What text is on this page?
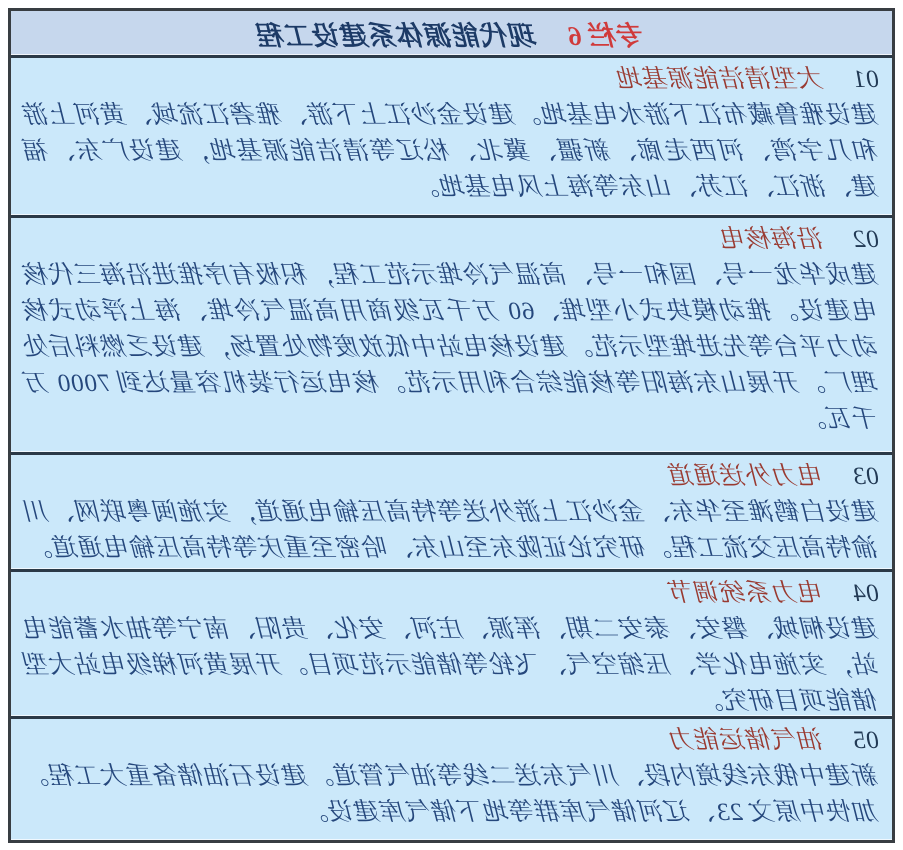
专栏 6
现代能源体系建设工程
01 大型清洁能源基地
建设雅鲁藏布江下游水电基地。建设金沙江上下游、雅砻江流域、黄河上游和几字湾、河西走廊、新疆、冀北、松辽等清洁能源基地，建设广东、福建、浙江、江苏、山东等海上风电基地。
02 沿海核电
建成华龙一号、国和一号、高温气冷堆示范工程，积极有序推进沿海三代核电建设。推动模块式小型堆、60 万千瓦级商用高温气冷堆、海上浮动式核动力平台等先进堆型示范。建设核电站中低放废物处置场，建设乏燃料后处理厂。开展山东海阳等核能综合利用示范。核电运行装机容量达到 7000 万千瓦。
03 电力外送通道
建设白鹤滩至华东、金沙江上游外送等特高压输电通道，实施闽粤联网、川渝特高压交流工程。研究论证陇东至山东、哈密至重庆等特高压输电通道。
04 电力系统调节
建设桐城、磐安、泰安二期、浑源、庄河、安化、贵阳、南宁等抽水蓄能电站，实施电化学、压缩空气、飞轮等储能示范项目。开展黄河梯级电站大型储能项目研究。
05 油气储运能力
新建中俄东线境内段、川气东送二线等油气管道。建设石油储备重大工程。加快中原文 23、辽河储气库群等地下储气库建设。
